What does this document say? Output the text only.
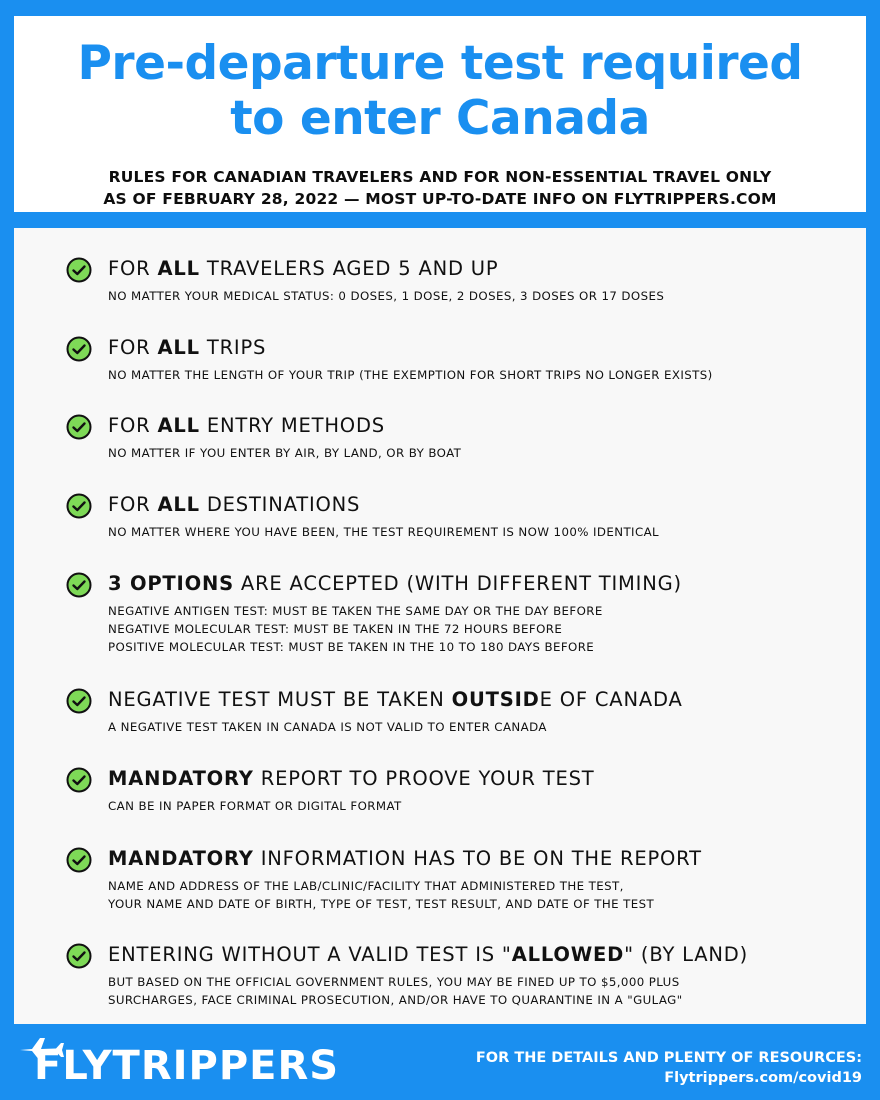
Pre-departure test required
to enter Canada
RULES FOR CANADIAN TRAVELERS AND FOR NON-ESSENTIAL TRAVEL ONLY
AS OF FEBRUARY 28, 2022 — MOST UP-TO-DATE INFO ON FLYTRIPPERS.COM
FOR ALL TRAVELERS AGED 5 AND UP
NO MATTER YOUR MEDICAL STATUS: 0 DOSES, 1 DOSE, 2 DOSES, 3 DOSES OR 17 DOSES
FOR ALL TRIPS
NO MATTER THE LENGTH OF YOUR TRIP (THE EXEMPTION FOR SHORT TRIPS NO LONGER EXISTS)
FOR ALL ENTRY METHODS
NO MATTER IF YOU ENTER BY AIR, BY LAND, OR BY BOAT
FOR ALL DESTINATIONS
NO MATTER WHERE YOU HAVE BEEN, THE TEST REQUIREMENT IS NOW 100% IDENTICAL
3 OPTIONS ARE ACCEPTED (WITH DIFFERENT TIMING)
NEGATIVE ANTIGEN TEST: MUST BE TAKEN THE SAME DAY OR THE DAY BEFORE
NEGATIVE MOLECULAR TEST: MUST BE TAKEN IN THE 72 HOURS BEFORE
POSITIVE MOLECULAR TEST: MUST BE TAKEN IN THE 10 TO 180 DAYS BEFORE
NEGATIVE TEST MUST BE TAKEN OUTSIDE OF CANADA
A NEGATIVE TEST TAKEN IN CANADA IS NOT VALID TO ENTER CANADA
MANDATORY REPORT TO PROOVE YOUR TEST
CAN BE IN PAPER FORMAT OR DIGITAL FORMAT
MANDATORY INFORMATION HAS TO BE ON THE REPORT
NAME AND ADDRESS OF THE LAB/CLINIC/FACILITY THAT ADMINISTERED THE TEST,
YOUR NAME AND DATE OF BIRTH, TYPE OF TEST, TEST RESULT, AND DATE OF THE TEST
ENTERING WITHOUT A VALID TEST IS "ALLOWED" (BY LAND)
BUT BASED ON THE OFFICIAL GOVERNMENT RULES, YOU MAY BE FINED UP TO $5,000 PLUS
SURCHARGES, FACE CRIMINAL PROSECUTION, AND/OR HAVE TO QUARANTINE IN A "GULAG"
FLYTRIPPERS	FOR THE DETAILS AND PLENTY OF RESOURCES:
Flytrippers.com/covid19
